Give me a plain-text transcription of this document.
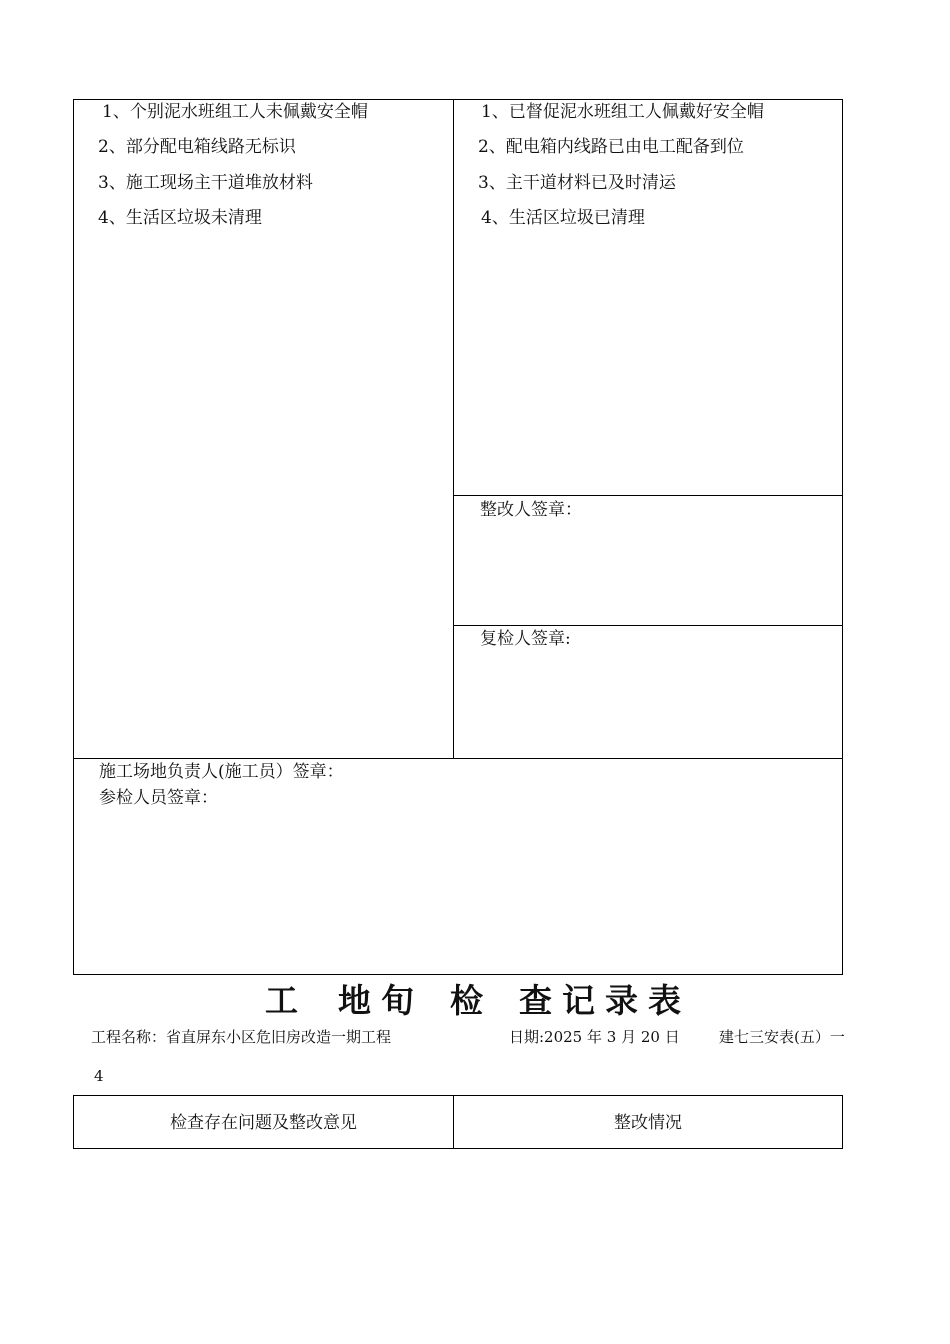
1、个别泥水班组工人未佩戴安全帽
2、部分配电箱线路无标识
3、施工现场主干道堆放材料
4、生活区垃圾未清理
1、已督促泥水班组工人佩戴好安全帽
2、配电箱内线路已由电工配备到位
3、主干道材料已及时清运
4、生活区垃圾已清理
整改人签章：
复检人签章:
施工场地负责人(施工员）签章：
参检人员签章：
工 地 旬 检 查 记 录 表
工程名称：省直屏东小区危旧房改造一期工程	日期:2025 年 3 月 20 日	建七三安表(五）一
4
检查存在问题及整改意见	整改情况
